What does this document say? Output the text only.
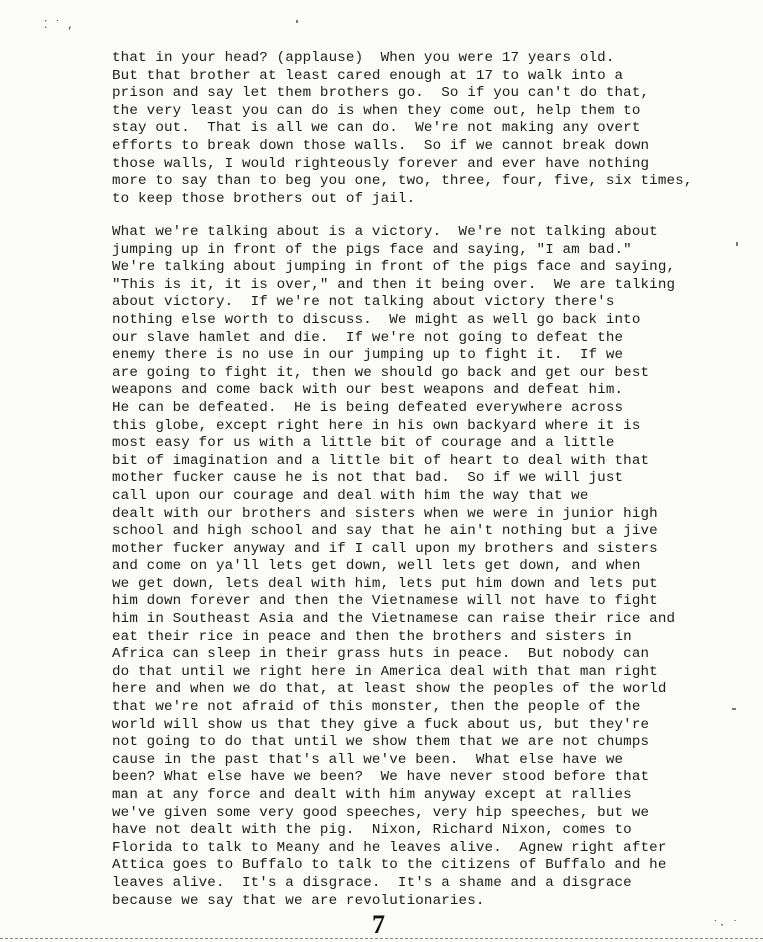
⁚ ˙ ,
that in your head? (applause)  When you were 17 years old.
But that brother at least cared enough at 17 to walk into a
prison and say let them brothers go.  So if you can't do that,
the very least you can do is when they come out, help them to
stay out.  That is all we can do.  We're not making any overt
efforts to break down those walls.  So if we cannot break down
those walls, I would righteously forever and ever have nothing
more to say than to beg you one, two, three, four, five, six times,
to keep those brothers out of jail.
What we're talking about is a victory.  We're not talking about
jumping up in front of the pigs face and saying, "I am bad."
We're talking about jumping in front of the pigs face and saying,
"This is it, it is over," and then it being over.  We are talking
about victory.  If we're not talking about victory there's
nothing else worth to discuss.  We might as well go back into
our slave hamlet and die.  If we're not going to defeat the
enemy there is no use in our jumping up to fight it.  If we
are going to fight it, then we should go back and get our best
weapons and come back with our best weapons and defeat him.
He can be defeated.  He is being defeated everywhere across
this globe, except right here in his own backyard where it is
most easy for us with a little bit of courage and a little
bit of imagination and a little bit of heart to deal with that
mother fucker cause he is not that bad.  So if we will just
call upon our courage and deal with him the way that we
dealt with our brothers and sisters when we were in junior high
school and high school and say that he ain't nothing but a jive
mother fucker anyway and if I call upon my brothers and sisters
and come on ya'll lets get down, well lets get down, and when
we get down, lets deal with him, lets put him down and lets put
him down forever and then the Vietnamese will not have to fight
him in Southeast Asia and the Vietnamese can raise their rice and
eat their rice in peace and then the brothers and sisters in
Africa can sleep in their grass huts in peace.  But nobody can
do that until we right here in America deal with that man right
here and when we do that, at least show the peoples of the world
that we're not afraid of this monster, then the people of the
world will show us that they give a fuck about us, but they're
not going to do that until we show them that we are not chumps
cause in the past that's all we've been.  What else have we
been? What else have we been?  We have never stood before that
man at any force and dealt with him anyway except at rallies
we've given some very good speeches, very hip speeches, but we
have not dealt with the pig.  Nixon, Richard Nixon, comes to
Florida to talk to Meany and he leaves alive.  Agnew right after
Attica goes to Buffalo to talk to the citizens of Buffalo and he
leaves alive.  It's a disgrace.  It's a shame and a disgrace
because we say that we are revolutionaries.
7	˙· ˙
